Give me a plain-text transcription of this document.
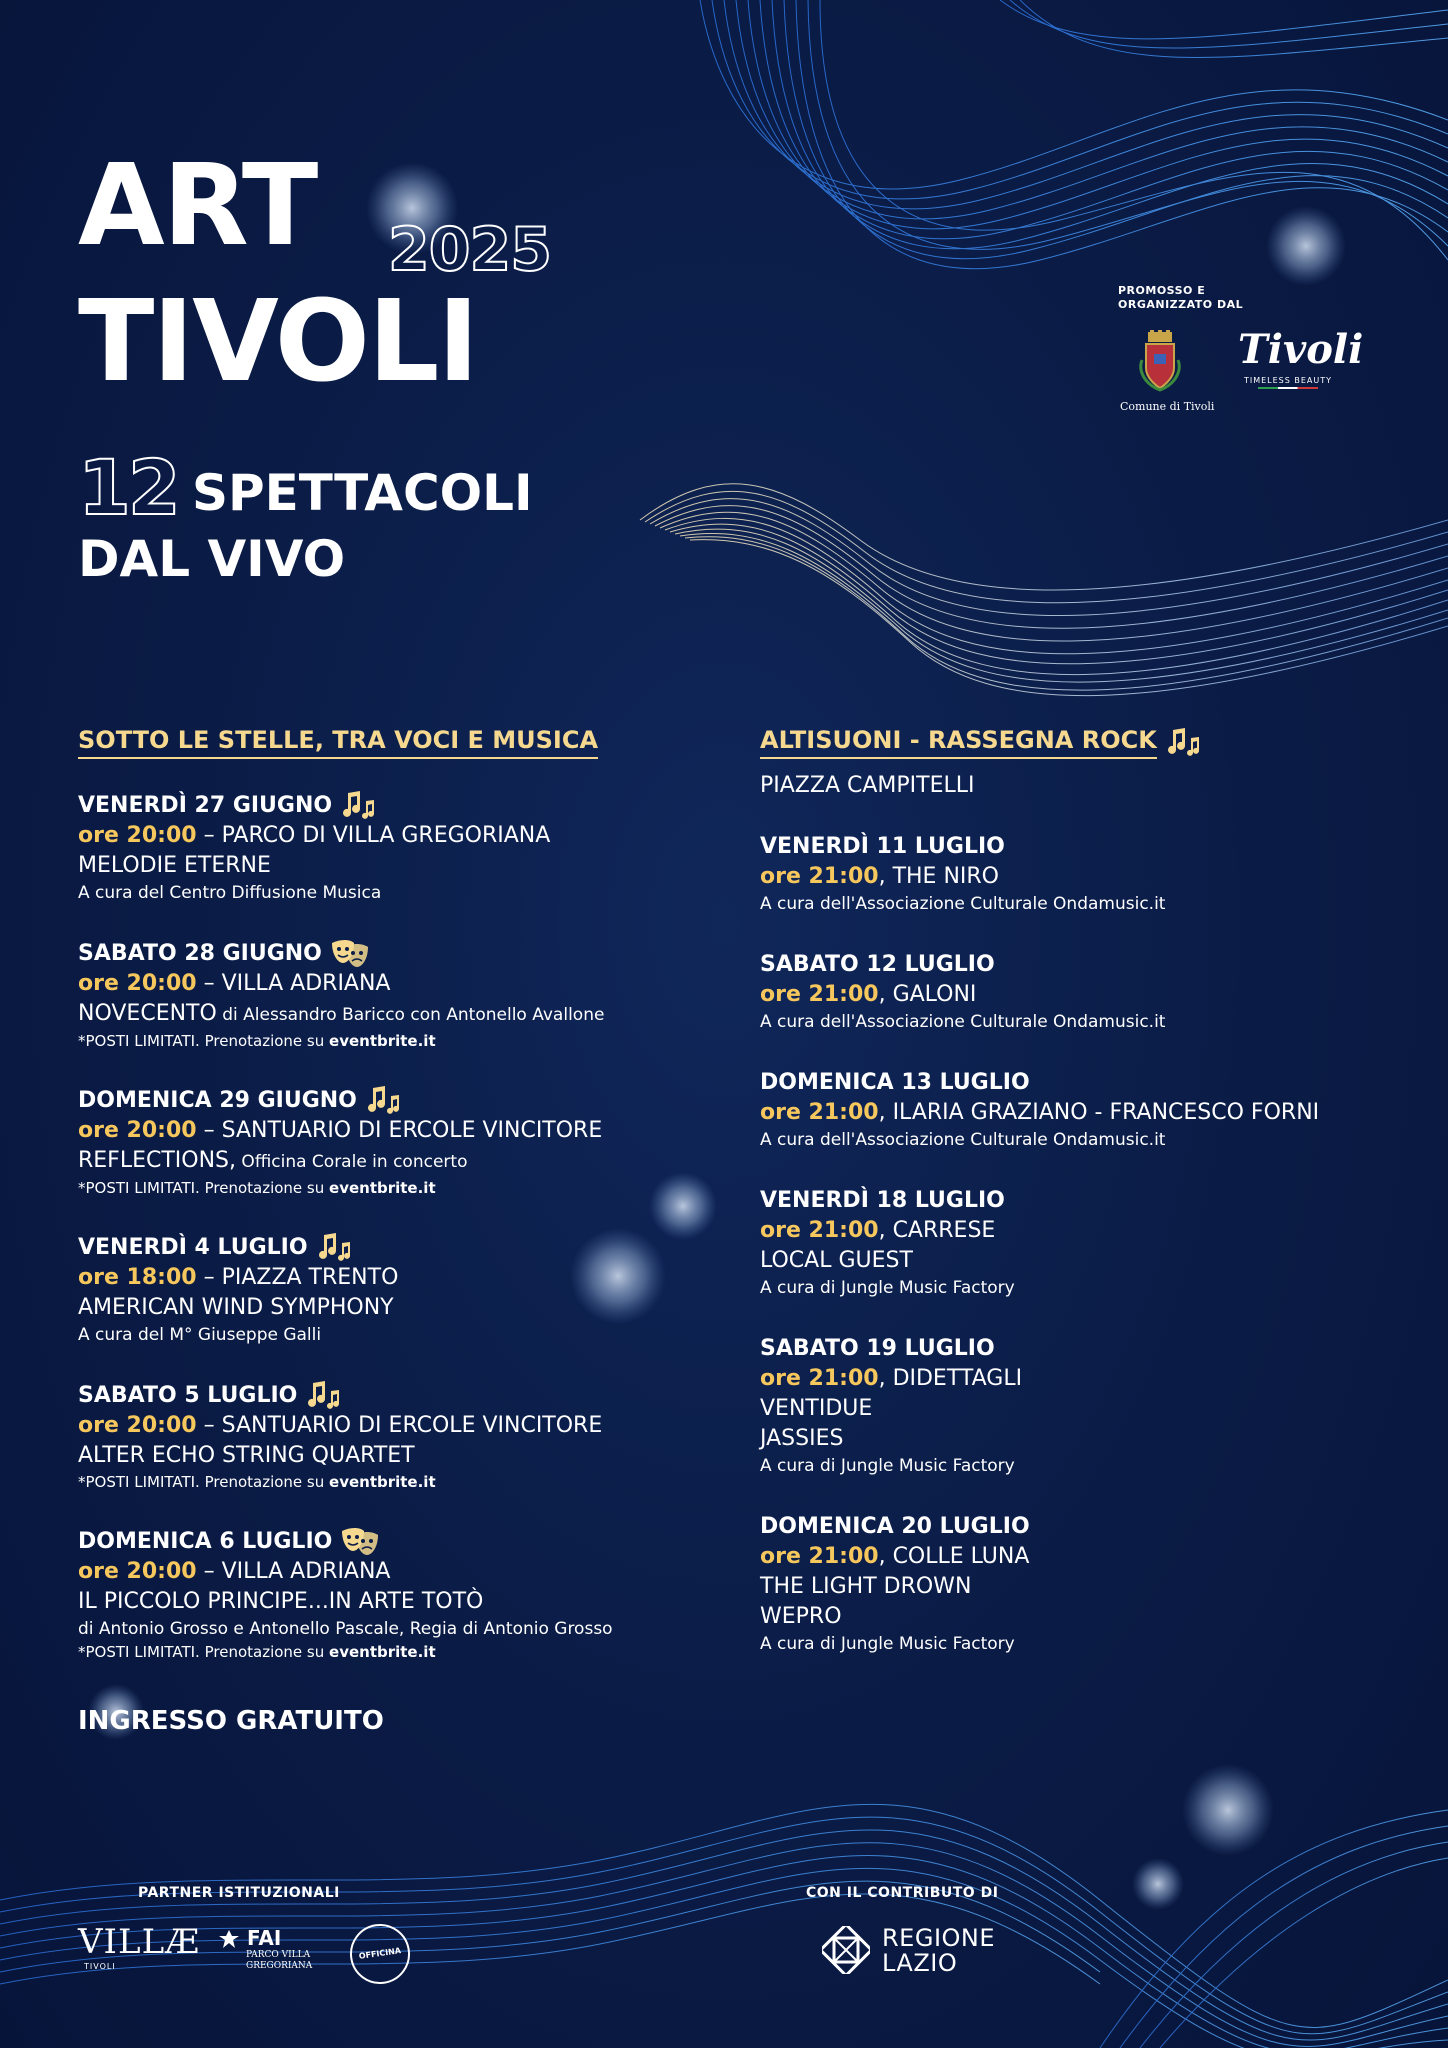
ART 2025
TIVOLI
12 SPETTACOLI
DAL VIVO
PROMOSSO E
ORGANIZZATO DAL
Comune di Tivoli
Tivoli
TIMELESS BEAUTY
SOTTO LE STELLE, TRA VOCI E MUSICA
VENERDÌ 27 GIUGNO
ore 20:00 – PARCO DI VILLA GREGORIANA
MELODIE ETERNE
A cura del Centro Diffusione Musica
SABATO 28 GIUGNO
ore 20:00 – VILLA ADRIANA
NOVECENTO di Alessandro Baricco con Antonello Avallone
*POSTI LIMITATI. Prenotazione su eventbrite.it
DOMENICA 29 GIUGNO
ore 20:00 – SANTUARIO DI ERCOLE VINCITORE
REFLECTIONS, Officina Corale in concerto
*POSTI LIMITATI. Prenotazione su eventbrite.it
VENERDÌ 4 LUGLIO
ore 18:00 – PIAZZA TRENTO
AMERICAN WIND SYMPHONY
A cura del M° Giuseppe Galli
SABATO 5 LUGLIO
ore 20:00 – SANTUARIO DI ERCOLE VINCITORE
ALTER ECHO STRING QUARTET
*POSTI LIMITATI. Prenotazione su eventbrite.it
DOMENICA 6 LUGLIO
ore 20:00 – VILLA ADRIANA
IL PICCOLO PRINCIPE...IN ARTE TOTÒ
di Antonio Grosso e Antonello Pascale, Regia di Antonio Grosso
*POSTI LIMITATI. Prenotazione su eventbrite.it
INGRESSO GRATUITO
ALTISUONI - RASSEGNA ROCK
PIAZZA CAMPITELLI
VENERDÌ 11 LUGLIO
ore 21:00, THE NIRO
A cura dell'Associazione Culturale Ondamusic.it
SABATO 12 LUGLIO
ore 21:00, GALONI
A cura dell'Associazione Culturale Ondamusic.it
DOMENICA 13 LUGLIO
ore 21:00, ILARIA GRAZIANO - FRANCESCO FORNI
A cura dell'Associazione Culturale Ondamusic.it
VENERDÌ 18 LUGLIO
ore 21:00, CARRESE
LOCAL GUEST
A cura di Jungle Music Factory
SABATO 19 LUGLIO
ore 21:00, DIDETTAGLI
VENTIDUE
JASSIES
A cura di Jungle Music Factory
DOMENICA 20 LUGLIO
ore 21:00, COLLE LUNA
THE LIGHT DROWN
WEPRO
A cura di Jungle Music Factory
PARTNER ISTITUZIONALI
VILLÆ
TIVOLI
FAI
PARCO VILLA
GREGORIANA
OFFICINA
CON IL CONTRIBUTO DI
REGIONE
LAZIO
